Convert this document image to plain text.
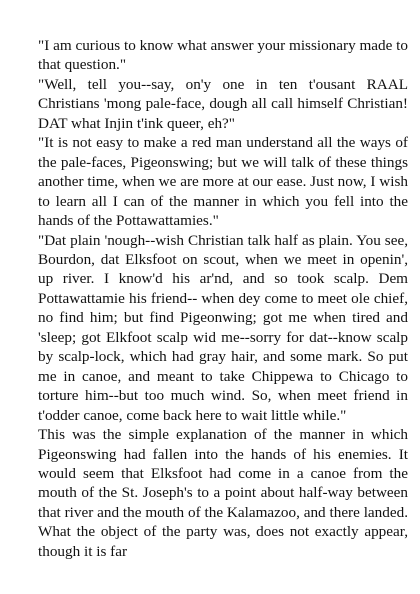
"I am curious to know what answer your missionary made to that question."

"Well, tell you--say, on'y one in ten t'ousant RAAL Christians 'mong pale-face, dough all call himself Christian! DAT what Injin t'ink queer, eh?"

"It is not easy to make a red man understand all the ways of the pale-faces, Pigeonswing; but we will talk of these things another time, when we are more at our ease. Just now, I wish to learn all I can of the manner in which you fell into the hands of the Pottawattamies."

"Dat plain 'nough--wish Christian talk half as plain. You see, Bourdon, dat Elksfoot on scout, when we meet in openin', up river. I know'd his ar'nd, and so took scalp. Dem Pottawattamie his friend-- when dey come to meet ole chief, no find him; but find Pigeonwing; got me when tired and 'sleep; got Elkfoot scalp wid me--sorry for dat--know scalp by scalp-lock, which had gray hair, and some mark. So put me in canoe, and meant to take Chippewa to Chicago to torture him--but too much wind. So, when meet friend in t'odder canoe, come back here to wait little while."

This was the simple explanation of the manner in which Pigeonswing had fallen into the hands of his enemies. It would seem that Elksfoot had come in a canoe from the mouth of the St. Joseph's to a point about half-way between that river and the mouth of the Kalamazoo, and there landed. What the object of the party was, does not exactly appear, though it is far
